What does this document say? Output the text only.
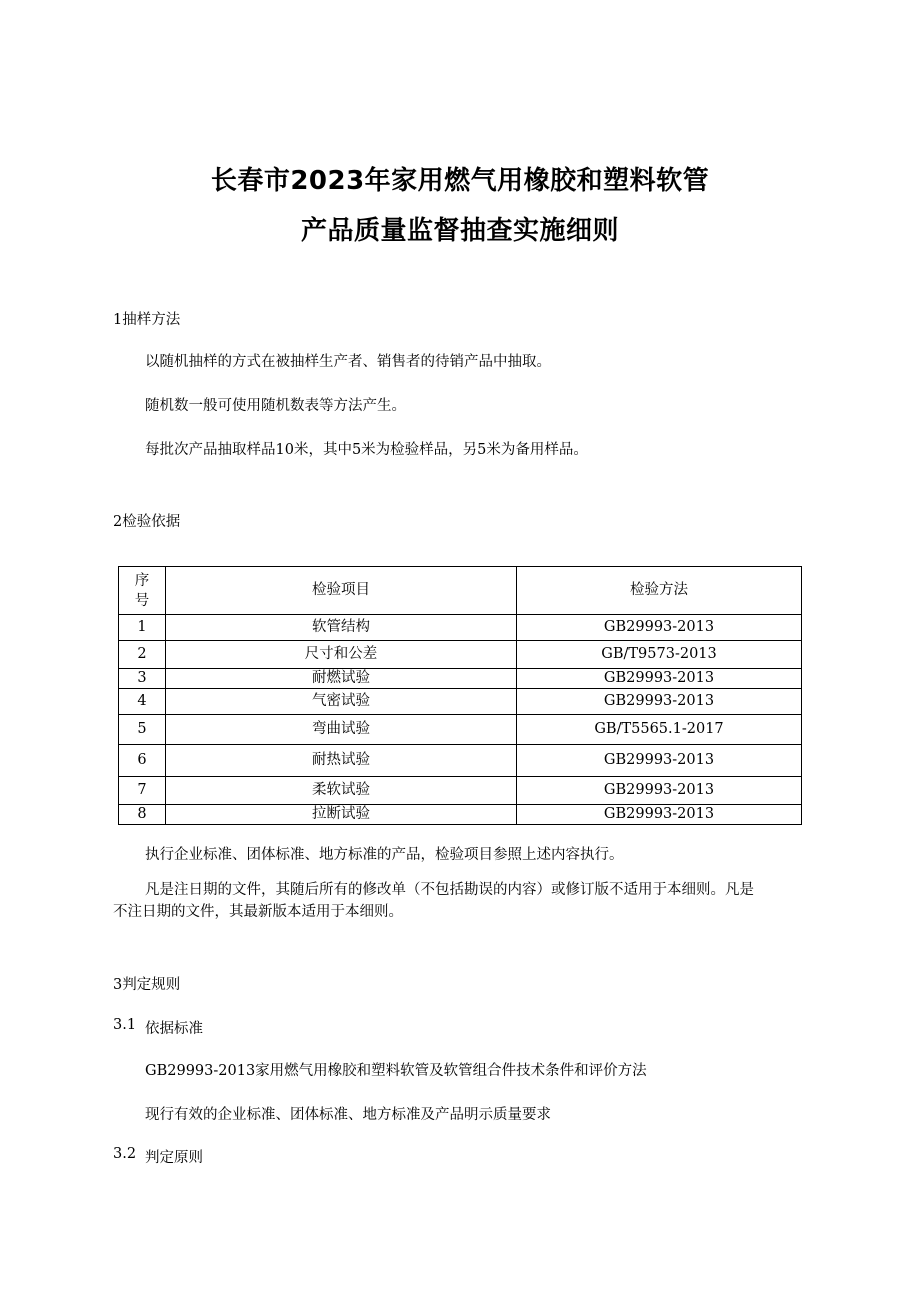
长春市2023年家用燃气用橡胶和塑料软管
产品质量监督抽查实施细则
1抽样方法
以随机抽样的方式在被抽样生产者、销售者的待销产品中抽取。
随机数一般可使用随机数表等方法产生。
每批次产品抽取样品10米，其中5米为检验样品，另5米为备用样品。
2检验依据
序号	检验项目	检验方法
1	软管结构	GB29993-2013
2	尺寸和公差	GB/T9573-2013
3	耐燃试验	GB29993-2013
4	气密试验	GB29993-2013
5	弯曲试验	GB/T5565.1-2017
6	耐热试验	GB29993-2013
7	柔软试验	GB29993-2013
8	拉断试验	GB29993-2013
执行企业标准、团体标准、地方标准的产品，检验项目参照上述内容执行。
凡是注日期的文件，其随后所有的修改单（不包括勘误的内容）或修订版不适用于本细则。凡是
不注日期的文件，其最新版本适用于本细则。
3判定规则
3.1 依据标准
GB29993-2013家用燃气用橡胶和塑料软管及软管组合件技术条件和评价方法
现行有效的企业标准、团体标准、地方标准及产品明示质量要求
3.2 判定原则
